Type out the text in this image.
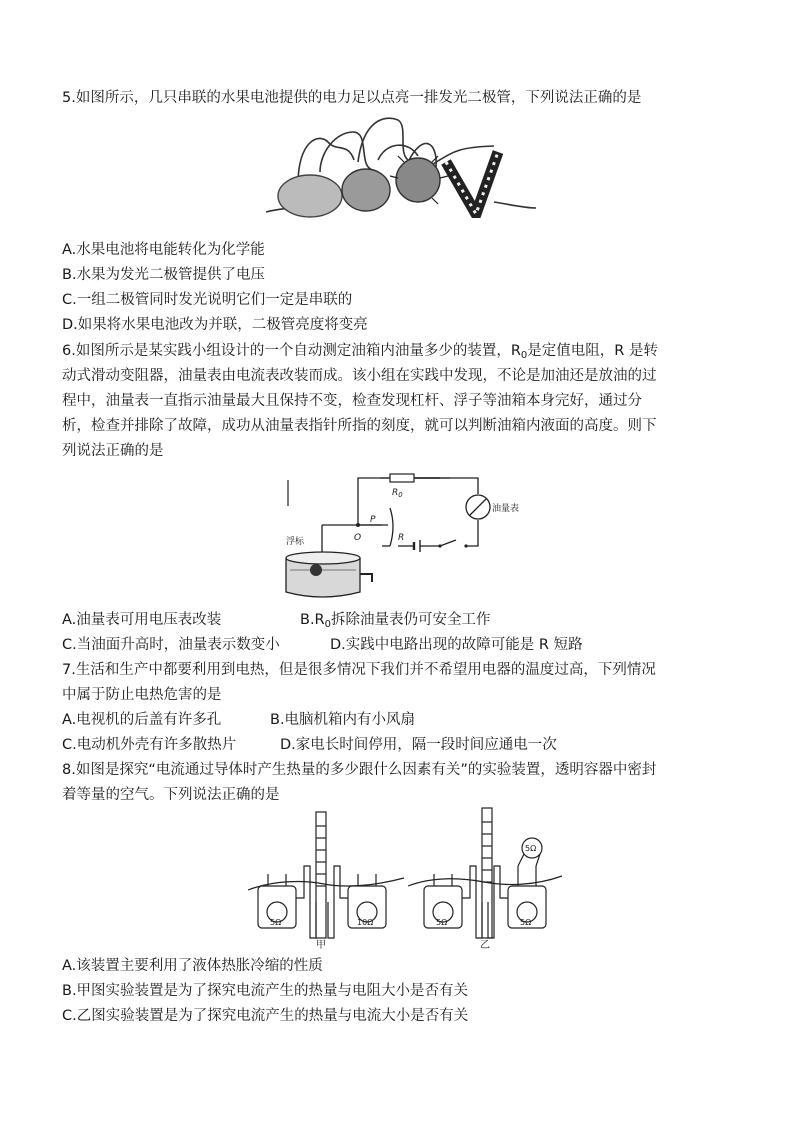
5.如图所示，几只串联的水果电池提供的电力足以点亮一排发光二极管，下列说法正确的是
A.水果电池将电能转化为化学能
B.水果为发光二极管提供了电压
C.一组二极管同时发光说明它们一定是串联的
D.如果将水果电池改为并联，二极管亮度将变亮
6.如图所示是某实践小组设计的一个自动测定油箱内油量多少的装置，$R_0$是定值电阻，R 是转
动式滑动变阻器，油量表由电流表改装而成。该小组在实践中发现，不论是加油还是放油的过
程中，油量表一直指示油量最大且保持不变，检查发现杠杆、浮子等油箱本身完好，通过分
析，检查并排除了故障，成功从油量表指针所指的刻度，就可以判断油箱内液面的高度。则下
列说法正确的是
$R_0$
油量表
P
O	R
浮标
A.油量表可用电压表改装	$B.R_0$拆除油量表仍可安全工作
C.当油面升高时，油量表示数变小	D.实践中电路出现的故障可能是 R 短路
7.生活和生产中都要利用到电热，但是很多情况下我们并不希望用电器的温度过高，下列情况
中属于防止电热危害的是
A.电视机的后盖有许多孔	B.电脑机箱内有小风扇
C.电动机外壳有许多散热片	D.家电长时间停用，隔一段时间应通电一次
8.如图是探究“电流通过导体时产生热量的多少跟什么因素有关”的实验装置，透明容器中密封
着等量的空气。下列说法正确的是
5Ω	10Ω
甲
5Ω	5Ω
5Ω
乙
A.该装置主要利用了液体热胀冷缩的性质
B.甲图实验装置是为了探究电流产生的热量与电阻大小是否有关
C.乙图实验装置是为了探究电流产生的热量与电流大小是否有关
